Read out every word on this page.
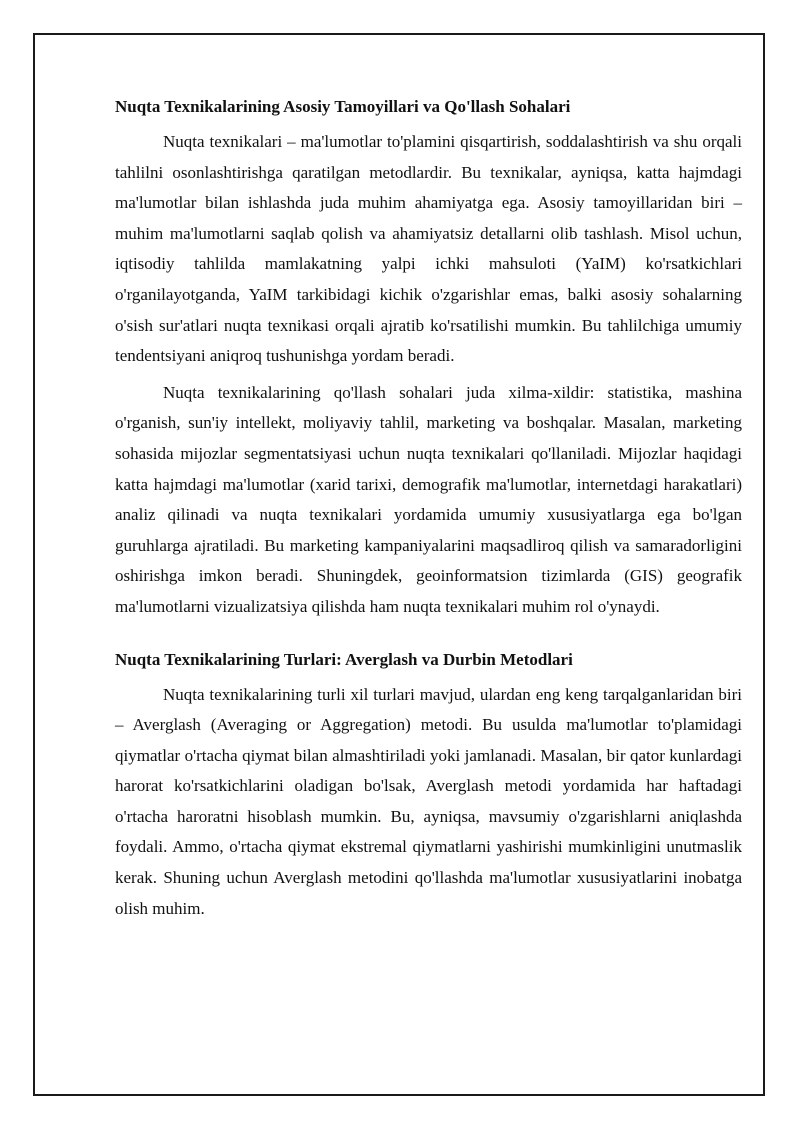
Nuqta Texnikalarining Asosiy Tamoyillari va Qo'llash Sohalari

Nuqta texnikalari – ma'lumotlar to'plamini qisqartirish, soddalashtirish va shu orqali tahlilni osonlashtirishga qaratilgan metodlardir. Bu texnikalar, ayniqsa, katta hajmdagi ma'lumotlar bilan ishlashda juda muhim ahamiyatga ega. Asosiy tamoyillaridan biri – muhim ma'lumotlarni saqlab qolish va ahamiyatsiz detallarni olib tashlash. Misol uchun, iqtisodiy tahlilda mamlakatning yalpi ichki mahsuloti (YaIM) ko'rsatkichlari o'rganilayotganda, YaIM tarkibidagi kichik o'zgarishlar emas, balki asosiy sohalarning o'sish sur'atlari nuqta texnikasi orqali ajratib ko'rsatilishi mumkin. Bu tahlilchiga umumiy tendentsiyani aniqroq tushunishga yordam beradi.

Nuqta texnikalarining qo'llash sohalari juda xilma-xildir: statistika, mashina o'rganish, sun'iy intellekt, moliyaviy tahlil, marketing va boshqalar. Masalan, marketing sohasida mijozlar segmentatsiyasi uchun nuqta texnikalari qo'llaniladi. Mijozlar haqidagi katta hajmdagi ma'lumotlar (xarid tarixi, demografik ma'lumotlar, internetdagi harakatlari) analiz qilinadi va nuqta texnikalari yordamida umumiy xususiyatlarga ega bo'lgan guruhlarga ajratiladi. Bu marketing kampaniyalarini maqsadliroq qilish va samaradorligini oshirishga imkon beradi. Shuningdek, geoinformatsion tizimlarda (GIS) geografik ma'lumotlarni vizualizatsiya qilishda ham nuqta texnikalari muhim rol o'ynaydi.

Nuqta Texnikalarining Turlari: Averglash va Durbin Metodlari

Nuqta texnikalarining turli xil turlari mavjud, ulardan eng keng tarqalganlaridan biri – Averglash (Averaging or Aggregation) metodi. Bu usulda ma'lumotlar to'plamidagi qiymatlar o'rtacha qiymat bilan almashtiriladi yoki jamlanadi. Masalan, bir qator kunlardagi harorat ko'rsatkichlarini oladigan bo'lsak, Averglash metodi yordamida har haftadagi o'rtacha haroratni hisoblash mumkin. Bu, ayniqsa, mavsumiy o'zgarishlarni aniqlashda foydali. Ammo, o'rtacha qiymat ekstremal qiymatlarni yashirishi mumkinligini unutmaslik kerak. Shuning uchun Averglash metodini qo'llashda ma'lumotlar xususiyatlarini inobatga olish muhim.
